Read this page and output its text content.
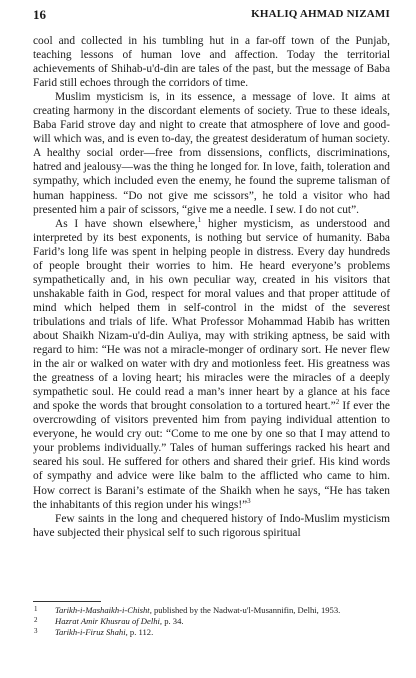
16	KHALIQ AHMAD NIZAMI

cool and collected in his tumbling hut in a far-off town of the Punjab, teaching lessons of human love and affection. Today the territorial achievements of Shihab-u'd-din are tales of the past, but the message of Baba Farid still echoes through the corridors of time.

Muslim mysticism is, in its essence, a message of love. It aims at creating harmony in the discordant elements of society. True to these ideals, Baba Farid strove day and night to create that atmosphere of love and good-will which was, and is even to-day, the greatest desideratum of human society. A healthy social order—free from dissensions, conflicts, discriminations, hatred and jealousy—was the thing he longed for. In love, faith, toleration and sympathy, which included even the enemy, he found the supreme talisman of human happiness. “Do not give me scissors”, he told a visitor who had presented him a pair of scissors, “give me a needle. I sew. I do not cut”.

As I have shown elsewhere,$^1$ higher mysticism, as understood and interpreted by its best exponents, is nothing but service of humanity. Baba Farid’s long life was spent in helping people in distress. Every day hundreds of people brought their worries to him. He heard everyone’s problems sympathetically and, in his own peculiar way, created in his visitors that unshakable faith in God, respect for moral values and that proper attitude of mind which helped them in self-control in the midst of the severest tribulations and trials of life. What Professor Mohammad Habib has written about Shaikh Nizam-u'd-din Auliya, may with striking aptness, be said with regard to him: “He was not a miracle-monger of ordinary sort. He never flew in the air or walked on water with dry and motionless feet. His greatness was the greatness of a loving heart; his miracles were the miracles of a deeply sympathetic soul. He could read a man’s inner heart by a glance at his face and spoke the words that brought consolation to a tortured heart.”$^2$ If ever the overcrowding of visitors prevented him from paying individual attention to everyone, he would cry out: “Come to me one by one so that I may attend to your problems individually.” Tales of human sufferings racked his heart and seared his soul. He suffered for others and shared their grief. His kind words of sympathy and advice were like balm to the afflicted who came to him. How correct is Barani’s estimate of the Shaikh when he says, “He has taken the inhabitants of this region under his wings!”$^3$

Few saints in the long and chequered history of Indo-Muslim mysticism have subjected their physical self to such rigorous spiritual

1 Tarikh-i-Mashaikh-i-Chisht, published by the Nadwat-u'l-Musannifin, Delhi, 1953.
2 Hazrat Amir Khusrau of Delhi, p. 34.
3 Tarikh-i-Firuz Shahi, p. 112.
